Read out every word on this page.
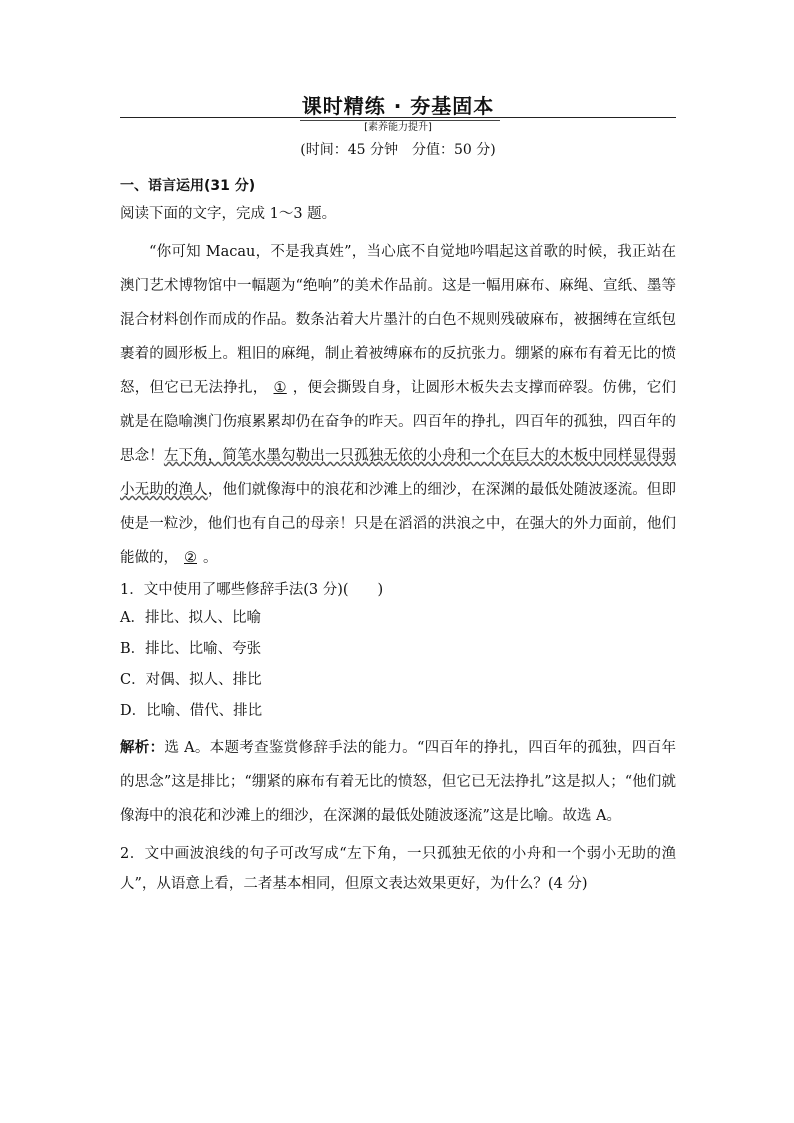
课时精练 · 夯基固本
[素养能力提升]
(时间：45 分钟　分值：50 分)
一、语言运用(31 分)
阅读下面的文字，完成 1～3 题。

“你可知 Macau，不是我真姓”，当心底不自觉地吟唱起这首歌的时候，我正站在澳门艺术博物馆中一幅题为“绝响”的美术作品前。这是一幅用麻布、麻绳、宣纸、墨等混合材料创作而成的作品。数条沾着大片墨汁的白色不规则残破麻布，被捆缚在宣纸包裹着的圆形板上。粗旧的麻绳，制止着被缚麻布的反抗张力。绷紧的麻布有着无比的愤怒，但它已无法挣扎， ① ，便会撕毁自身，让圆形木板失去支撑而碎裂。仿佛，它们就是在隐喻澳门伤痕累累却仍在奋争的昨天。四百年的挣扎，四百年的孤独，四百年的思念！左下角，简笔水墨勾勒出一只孤独无依的小舟和一个在巨大的木板中同样显得弱小无助的渔人，他们就像海中的浪花和沙滩上的细沙，在深渊的最低处随波逐流。但即使是一粒沙，他们也有自己的母亲！只是在滔滔的洪浪之中，在强大的外力面前，他们能做的， ② 。

1．文中使用了哪些修辞手法(3 分)(　　)
A．排比、拟人、比喻
B．排比、比喻、夸张
C．对偶、拟人、排比
D．比喻、借代、排比
解析：选 A。本题考查鉴赏修辞手法的能力。“四百年的挣扎，四百年的孤独，四百年的思念”这是排比；“绷紧的麻布有着无比的愤怒，但它已无法挣扎”这是拟人；“他们就像海中的浪花和沙滩上的细沙，在深渊的最低处随波逐流”这是比喻。故选 A。
2．文中画波浪线的句子可改写成“左下角，一只孤独无依的小舟和一个弱小无助的渔人”，从语意上看，二者基本相同，但原文表达效果更好，为什么？(4 分)
